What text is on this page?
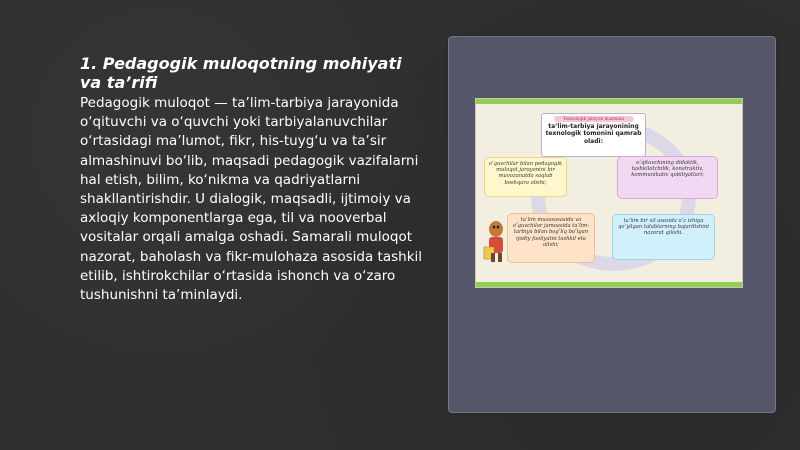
1. Pedagogik muloqotning mohiyati va ta’rifi
Pedagogik muloqot — ta’lim-tarbiya jarayonida o‘qituvchi va o‘quvchi yoki tarbiyalanuvchilar o‘rtasidagi ma’lumot, fikr, his-tuyg‘u va ta’sir almashinuvi bo‘lib, maqsadi pedagogik vazifalarni hal etish, bilim, ko‘nikma va qadriyatlarni shakllantirishdir. U dialogik, maqsadli, ijtimoiy va axloqiy komponentlarga ega, til va nooverbal vositalar orqali amalga oshadi. Samarali muloqot nazorat, baholash va fikr-mulohaza asosida tashkil etilib, ishtirokchilar o‘rtasida ishonch va o‘zaro tushunishni ta’minlaydi.
Texnologik jarayon mazmuni
ta’lim-tarbiya jarayonining texnologik tomonini qamrab oladi:
o‘quvchilar bilan pedagogik muloqot jarayonini bir muvozanatda saqlab boshqara olishi;
o‘qituvchining didaktik, tashkilotchilik, konstruktiv, kommunikativ qobiliyatlari;
ta’lim muassasasida va o‘quvchilar jamoasida ta’lim-tarbiya bilan bog‘liq bo‘lgan ijodiy faoliyatni tashkil eta olishi;
ta’lim bir xil asosida o‘z ishiga qo‘yilgan talablarning bajarilishini nazorat qilishi.
